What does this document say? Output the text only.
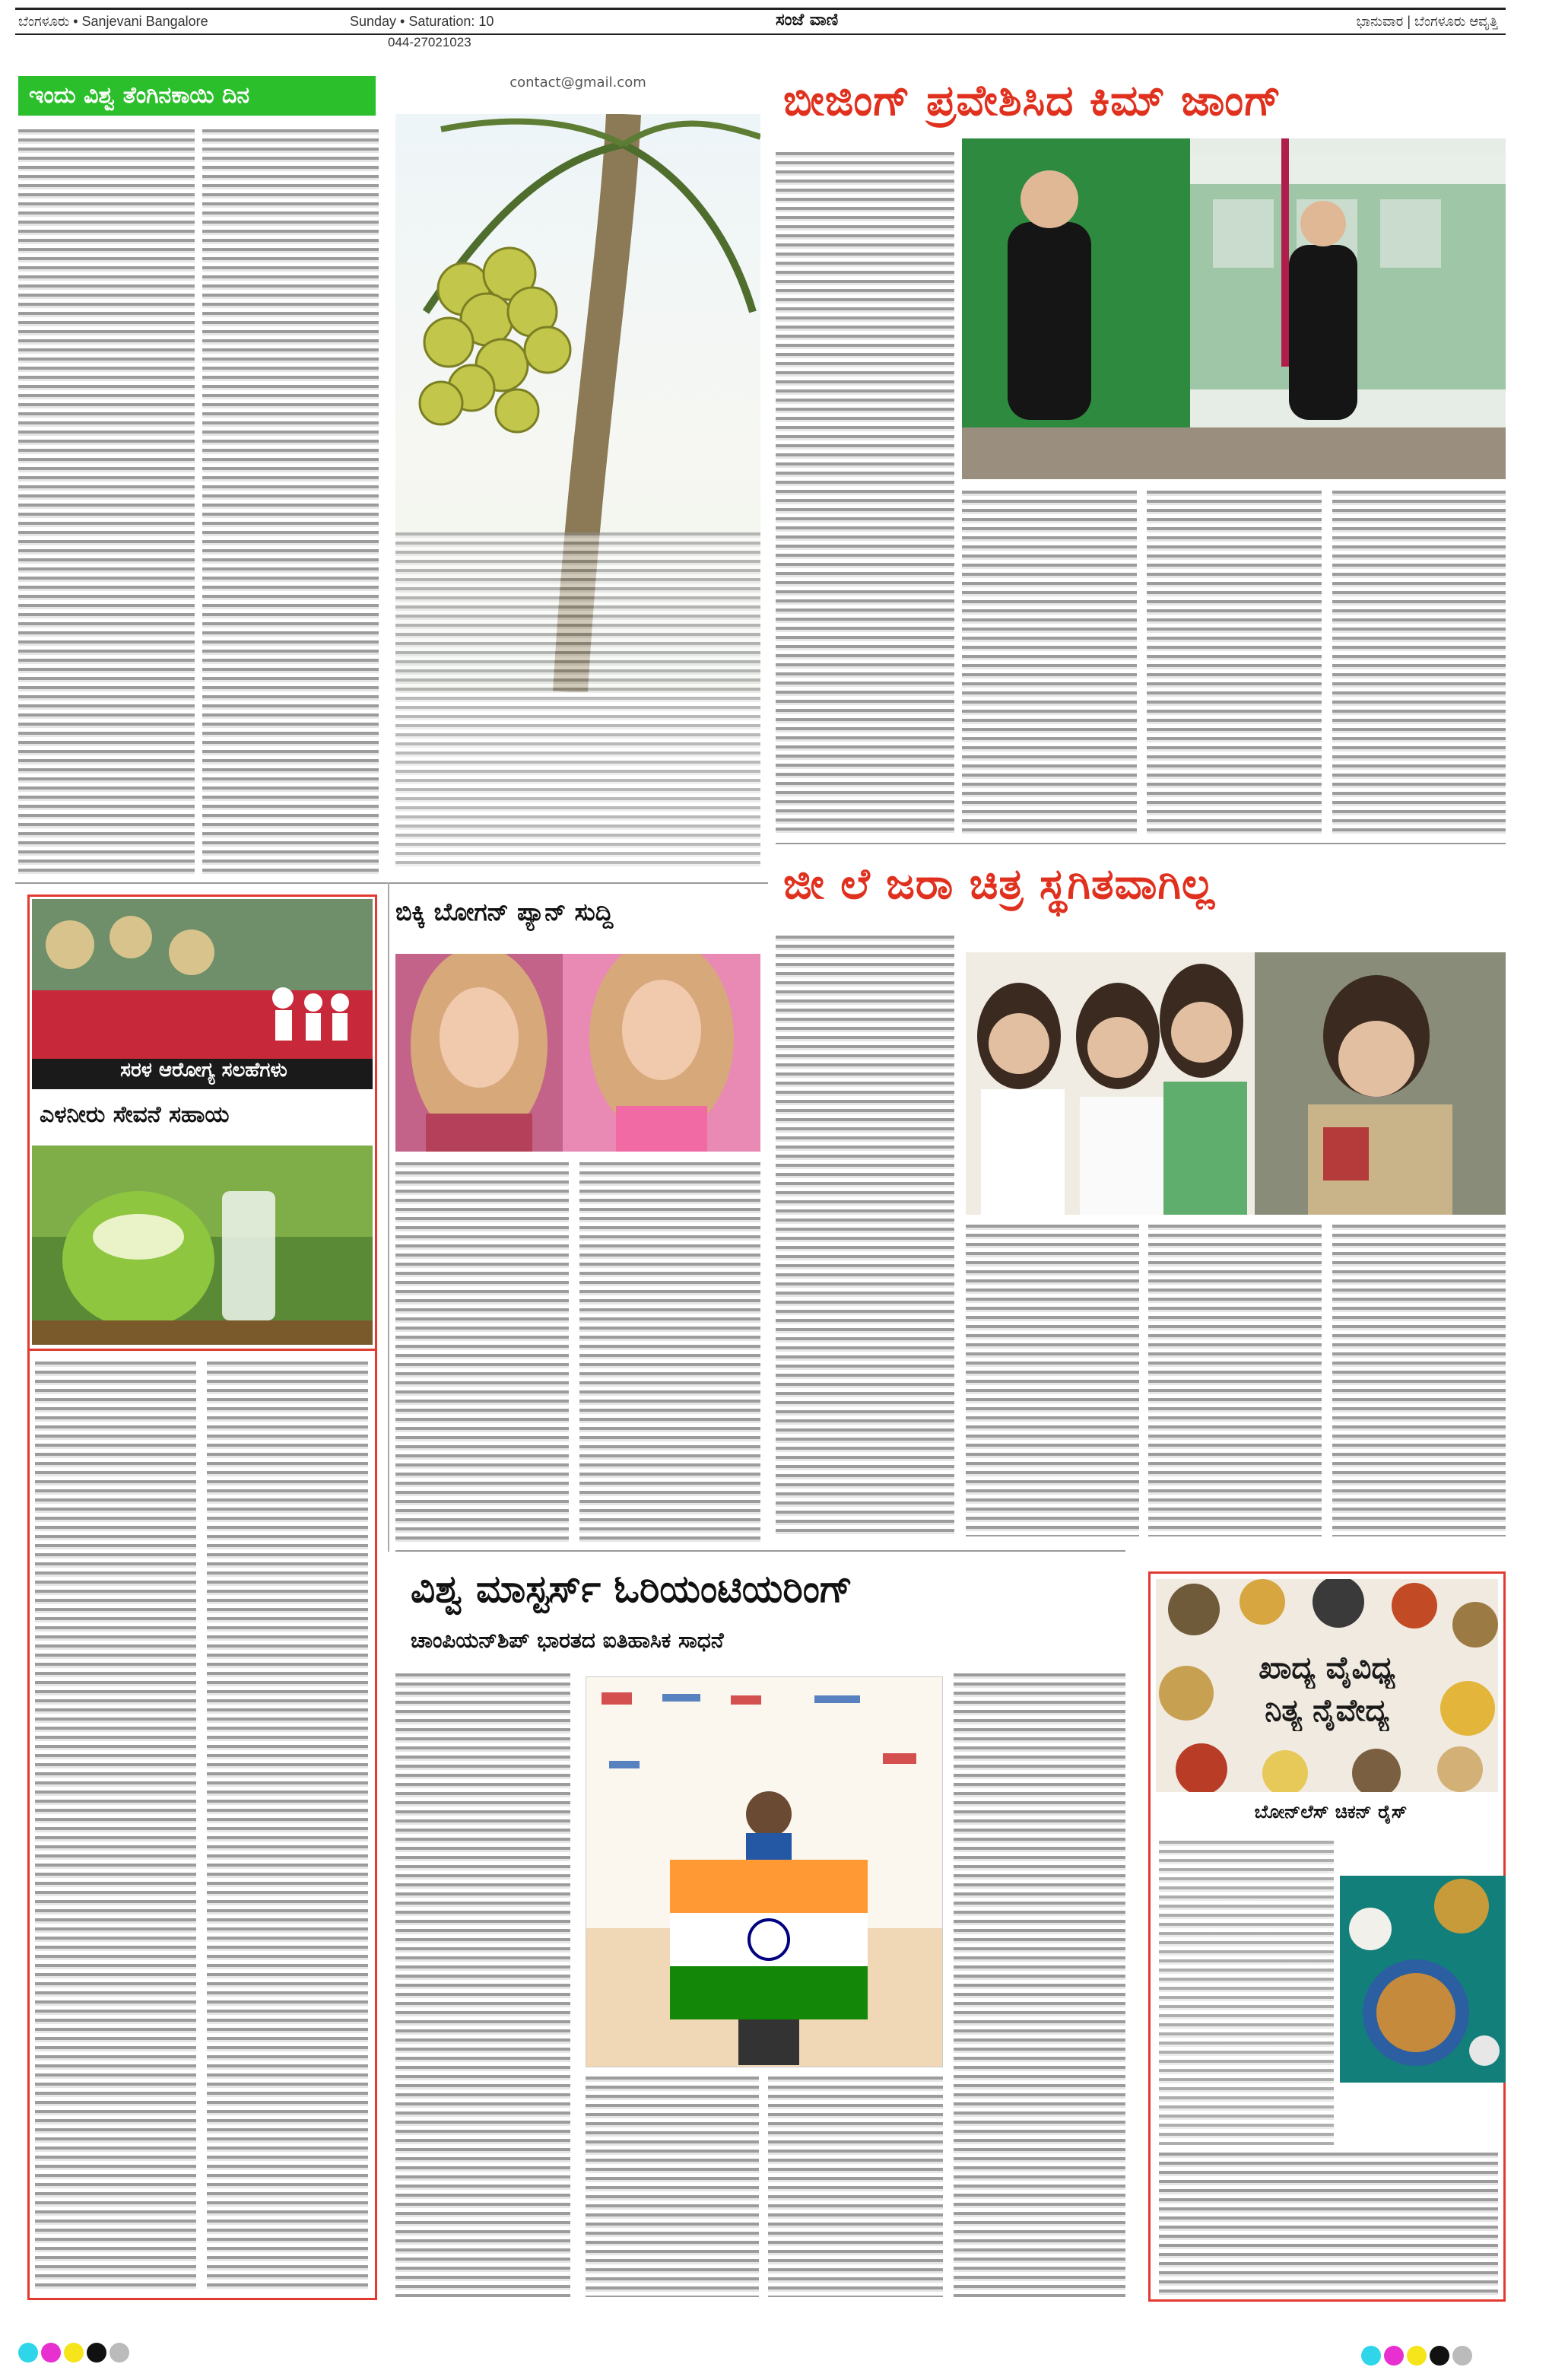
ಬೆಂಗಳೂರು • Sanjevani Bangalore	Sunday • Saturation: 10	ಸಂಜೆ ವಾಣಿ	ಭಾನುವಾರ | ಬೆಂಗಳೂರು ಆವೃತ್ತಿ
044-27021023
ಇಂದು ವಿಶ್ವ ತೆಂಗಿನಕಾಯಿ ದಿನ	contact@gmail.com	ಬೀಜಿಂಗ್ ಪ್ರವೇಶಿಸಿದ ಕಿಮ್ ಜಾಂಗ್
ಜೀ ಲೆ ಜರಾ ಚಿತ್ರ ಸ್ಥಗಿತವಾಗಿಲ್ಲ
ಸರಳ ಆರೋಗ್ಯ ಸಲಹೆಗಳು
ಎಳನೀರು ಸೇವನೆ ಸಹಾಯ
ಬಿಕ್ಕಿ ಬೋಗನ್ ಪ್ಯಾನ್ ಸುದ್ದಿ
ವಿಶ್ವ ಮಾಸ್ಟರ್ಸ್ ಓರಿಯಂಟಿಯರಿಂಗ್
ಚಾಂಪಿಯನ್‌ಶಿಪ್ ಭಾರತದ ಐತಿಹಾಸಿಕ ಸಾಧನೆ
ಖಾದ್ಯ ವೈವಿಧ್ಯ
ನಿತ್ಯ ನೈವೇದ್ಯ
ಬೋನ್‌ಲೆಸ್ ಚಿಕನ್ ರೈಸ್
